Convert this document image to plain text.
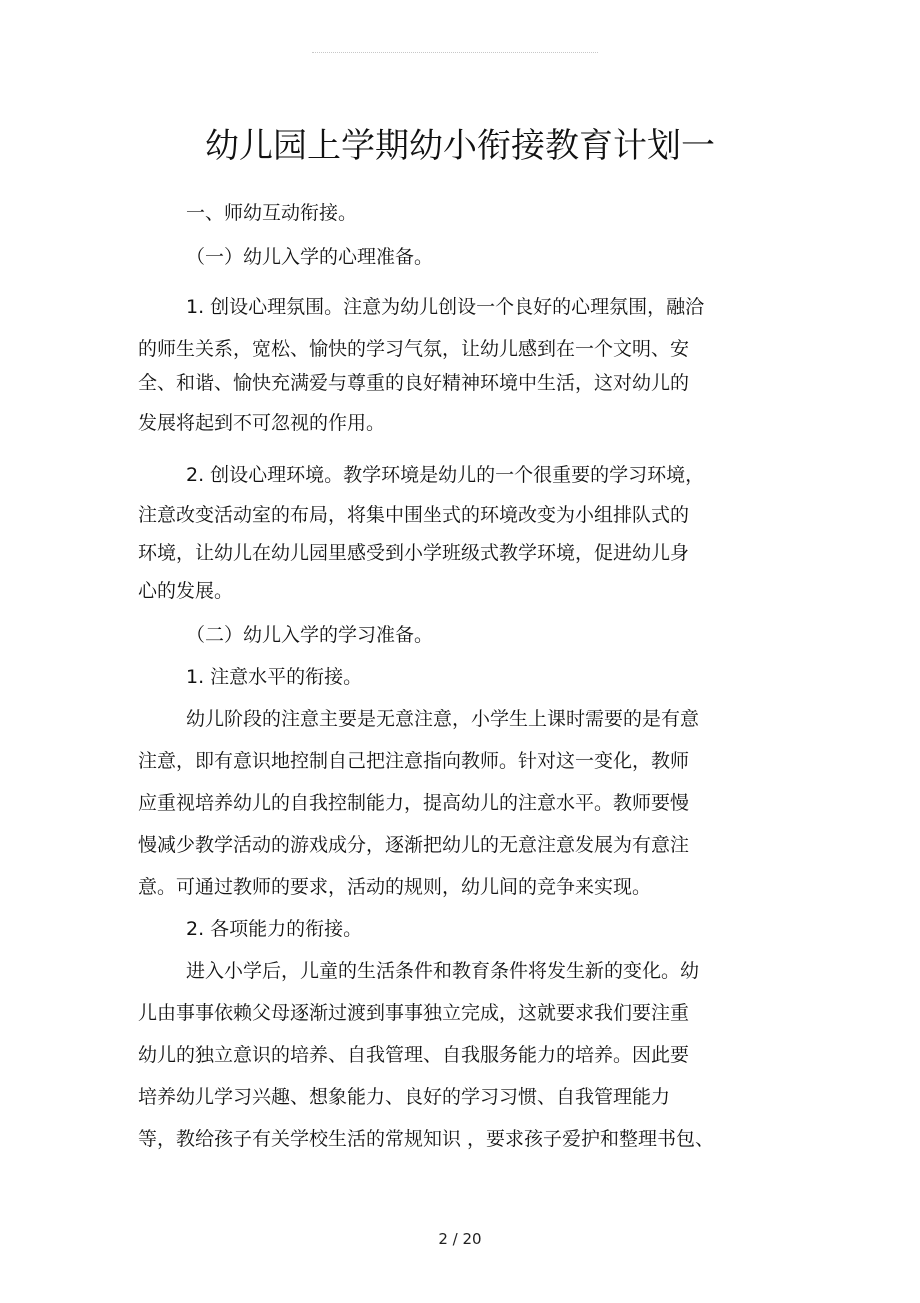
幼儿园上学期幼小衔接教育计划一
一、师幼互动衔接。
（一）幼儿入学的心理准备。
1. 创设心理氛围。注意为幼儿创设一个良好的心理氛围，融洽
的师生关系，宽松、愉快的学习气氛，让幼儿感到在一个文明、安
全、和谐、愉快充满爱与尊重的良好精神环境中生活，这对幼儿的
发展将起到不可忽视的作用。
2. 创设心理环境。教学环境是幼儿的一个很重要的学习环境，
注意改变活动室的布局，将集中围坐式的环境改变为小组排队式的
环境，让幼儿在幼儿园里感受到小学班级式教学环境，促进幼儿身
心的发展。
（二）幼儿入学的学习准备。
1. 注意水平的衔接。
幼儿阶段的注意主要是无意注意，小学生上课时需要的是有意
注意，即有意识地控制自己把注意指向教师。针对这一变化，教师
应重视培养幼儿的自我控制能力，提高幼儿的注意水平。教师要慢
慢减少教学活动的游戏成分，逐渐把幼儿的无意注意发展为有意注
意。可通过教师的要求，活动的规则，幼儿间的竞争来实现。
2. 各项能力的衔接。
进入小学后，儿童的生活条件和教育条件将发生新的变化。幼
儿由事事依赖父母逐渐过渡到事事独立完成，这就要求我们要注重
幼儿的独立意识的培养、自我管理、自我服务能力的培养。因此要
培养幼儿学习兴趣、想象能力、良好的学习习惯、自我管理能力
等，教给孩子有关学校生活的常规知识 ，要求孩子爱护和整理书包、
2 / 20
